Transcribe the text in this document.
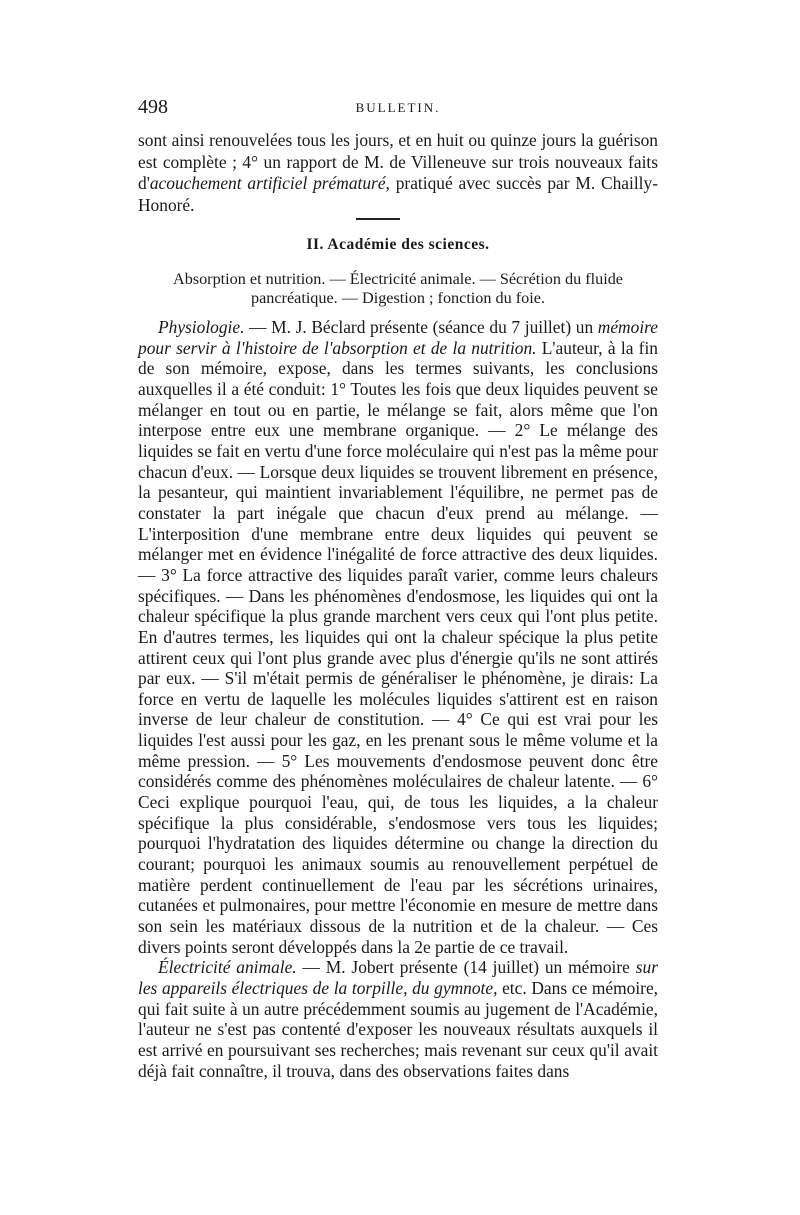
498	BULLETIN.
sont ainsi renouvelées tous les jours, et en huit ou quinze jours la guérison est complète ; 4° un rapport de M. de Villeneuve sur trois nouveaux faits d'acouchement artificiel prématuré, pratiqué avec succès par M. Chailly-Honoré.
II. Académie des sciences.
Absorption et nutrition. — Électricité animale. — Sécrétion du fluide pancréatique. — Digestion ; fonction du foie.

Physiologie. — M. J. Béclard présente (séance du 7 juillet) un mémoire pour servir à l'histoire de l'absorption et de la nutrition. L'auteur, à la fin de son mémoire, expose, dans les termes suivants, les conclusions auxquelles il a été conduit: 1° Toutes les fois que deux liquides peuvent se mélanger en tout ou en partie, le mélange se fait, alors même que l'on interpose entre eux une membrane organique. — 2° Le mélange des liquides se fait en vertu d'une force moléculaire qui n'est pas la même pour chacun d'eux. — Lorsque deux liquides se trouvent librement en présence, la pesanteur, qui maintient invariablement l'équilibre, ne permet pas de constater la part inégale que chacun d'eux prend au mélange. — L'interposition d'une membrane entre deux liquides qui peuvent se mélanger met en évidence l'inégalité de force attractive des deux liquides. — 3° La force attractive des liquides paraît varier, comme leurs chaleurs spécifiques. — Dans les phénomènes d'endosmose, les liquides qui ont la chaleur spécifique la plus grande marchent vers ceux qui l'ont plus petite. En d'autres termes, les liquides qui ont la chaleur spécique la plus petite attirent ceux qui l'ont plus grande avec plus d'énergie qu'ils ne sont attirés par eux. — S'il m'était permis de généraliser le phénomène, je dirais: La force en vertu de laquelle les molécules liquides s'attirent est en raison inverse de leur chaleur de constitution. — 4° Ce qui est vrai pour les liquides l'est aussi pour les gaz, en les prenant sous le même volume et la même pression. — 5° Les mouvements d'endosmose peuvent donc être considérés comme des phénomènes moléculaires de chaleur latente. — 6° Ceci explique pourquoi l'eau, qui, de tous les liquides, a la chaleur spécifique la plus considérable, s'endosmose vers tous les liquides; pourquoi l'hydratation des liquides détermine ou change la direction du courant; pourquoi les animaux soumis au renouvellement perpétuel de matière perdent continuellement de l'eau par les sécrétions urinaires, cutanées et pulmonaires, pour mettre l'économie en mesure de mettre dans son sein les matériaux dissous de la nutrition et de la chaleur. — Ces divers points seront développés dans la 2e partie de ce travail.

Électricité animale. — M. Jobert présente (14 juillet) un mémoire sur les appareils électriques de la torpille, du gymnote, etc. Dans ce mémoire, qui fait suite à un autre précédemment soumis au jugement de l'Académie, l'auteur ne s'est pas contenté d'exposer les nouveaux résultats auxquels il est arrivé en poursuivant ses recherches; mais revenant sur ceux qu'il avait déjà fait connaître, il trouva, dans des observations faites dans
